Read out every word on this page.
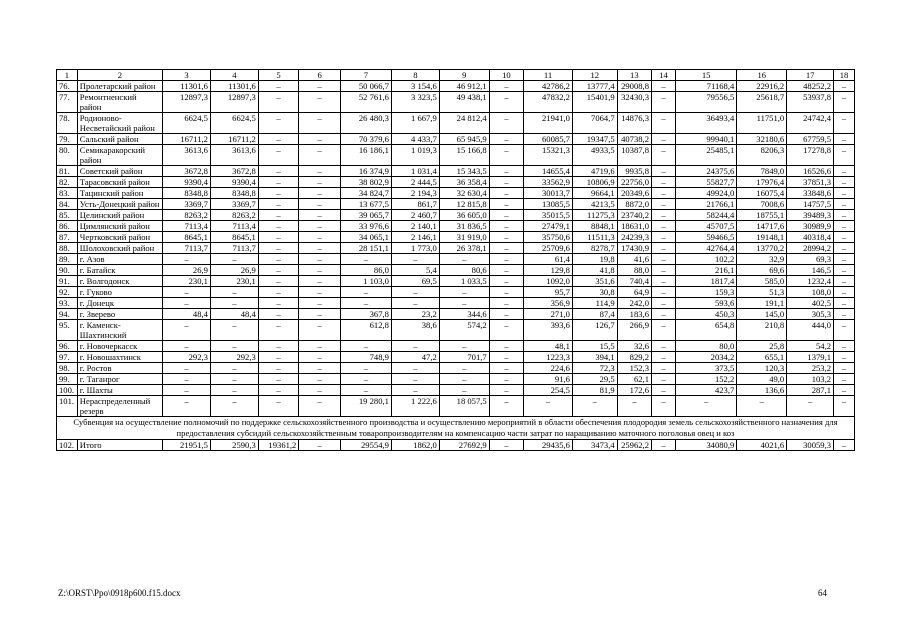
1	2	3	4	5	6	7	8	9	10	11	12	13	14	15	16	17	18
76.	Пролетарский район	11301,6	11301,6	–	–	50 066,7	3 154,6	46 912,1	–	42786,2	13777,4	29008,8	–	71168,4	22916,2	48252,2	–
77.	Ремонтненский район	12897,3	12897,3	–	–	52 761,6	3 323,5	49 438,1	–	47832,2	15401,9	32430,3	–	79556,5	25618,7	53937,8	–
78.	Родионово-Несветайский район	6624,5	6624,5	–	–	26 480,3	1 667,9	24 812,4	–	21941,0	7064,7	14876,3	–	36493,4	11751,0	24742,4	–
79.	Сальский район	16711,2	16711,2	–	–	70 379,6	4 433,7	65 945,9	–	60085,7	19347,5	40738,2	–	99940,1	32180,6	67759,5	–
80.	Семикаракорский район	3613,6	3613,6	–	–	16 186,1	1 019,3	15 166,8	–	15321,3	4933,5	10387,8	–	25485,1	8206,3	17278,8	–
81.	Советский район	3672,8	3672,8	–	–	16 374,9	1 031,4	15 343,5	–	14655,4	4719,6	9935,8	–	24375,6	7849,0	16526,6	–
82.	Тарасовский район	9390,4	9390,4	–	–	38 802,9	2 444,5	36 358,4	–	33562,9	10806,9	22756,0	–	55827,7	17976,4	37851,3	–
83.	Тацинский район	8348,8	8348,8	–	–	34 824,7	2 194,3	32 630,4	–	30013,7	9664,1	20349,6	–	49924,0	16075,4	33848,6	–
84.	Усть-Донецкий район	3369,7	3369,7	–	–	13 677,5	861,7	12 815,8	–	13085,5	4213,5	8872,0	–	21766,1	7008,6	14757,5	–
85.	Целинский район	8263,2	8263,2	–	–	39 065,7	2 460,7	36 605,0	–	35015,5	11275,3	23740,2	–	58244,4	18755,1	39489,3	–
86.	Цимлянский район	7113,4	7113,4	–	–	33 976,6	2 140,1	31 836,5	–	27479,1	8848,1	18631,0	–	45707,5	14717,6	30989,9	–
87.	Чертковский район	8645,1	8645,1	–	–	34 065,1	2 146,1	31 919,0	–	35750,6	11511,3	24239,3	–	59466,5	19148,1	40318,4	–
88.	Шолоховский район	7113,7	7113,7	–	–	28 151,1	1 773,0	26 378,1	–	25709,6	8278,7	17430,9	–	42764,4	13770,2	28994,2	–
89.	г. Азов	–	–	–	–	–	–	–	–	61,4	19,8	41,6	–	102,2	32,9	69,3	–
90.	г. Батайск	26,9	26,9	–	–	86,0	5,4	80,6	–	129,8	41,8	88,0	–	216,1	69,6	146,5	–
91.	г. Волгодонск	230,1	230,1	–	–	1 103,0	69,5	1 033,5	–	1092,0	351,6	740,4	–	1817,4	585,0	1232,4	–
92.	г. Гуково	–	–	–	–	–	–	–	–	95,7	30,8	64,9	–	159,3	51,3	108,0	–
93.	г. Донецк	–	–	–	–	–	–	–	–	356,9	114,9	242,0	–	593,6	191,1	402,5	–
94.	г. Зверево	48,4	48,4	–	–	367,8	23,2	344,6	–	271,0	87,4	183,6	–	450,3	145,0	305,3	–
95.	г. Каменск-Шахтинский	–	–	–	–	612,8	38,6	574,2	–	393,6	126,7	266,9	–	654,8	210,8	444,0	–
96.	г. Новочеркасск	–	–	–	–	–	–	–	–	48,1	15,5	32,6	–	80,0	25,8	54,2	–
97.	г. Новошахтинск	292,3	292,3	–	–	748,9	47,2	701,7	–	1223,3	394,1	829,2	–	2034,2	655,1	1379,1	–
98.	г. Ростов	–	–	–	–	–	–	–	–	224,6	72,3	152,3	–	373,5	120,3	253,2	–
99.	г. Таганрог	–	–	–	–	–	–	–	–	91,6	29,5	62,1	–	152,2	49,0	103,2	–
100.	г. Шахты	–	–	–	–	–	–	–	–	254,5	81,9	172,6	–	423,7	136,6	287,1	–
101.	Нераспределенный резерв	–	–	–	–	19 280,1	1 222,6	18 057,5	–	–	–	–	–	–	–	–	–
Субвенция на осуществление полномочий по поддержке сельскохозяйственного производства и осуществлению мероприятий в области обеспечения плодородия земель сельскохозяйственного назначения для предоставления субсидий сельскохозяйственным товаропроизводителям на компенсацию части затрат по наращиванию маточного поголовья овец и коз																	
102.	Итого	21951,5	2590,3	19361,2	–	29554,9	1862,0	27692,9	–	29435,6	3473,4	25962,2	–	34080,9	4021,6	30059,3	–
Z:\ORST\Ppo\0918p600.f15.docx	64
